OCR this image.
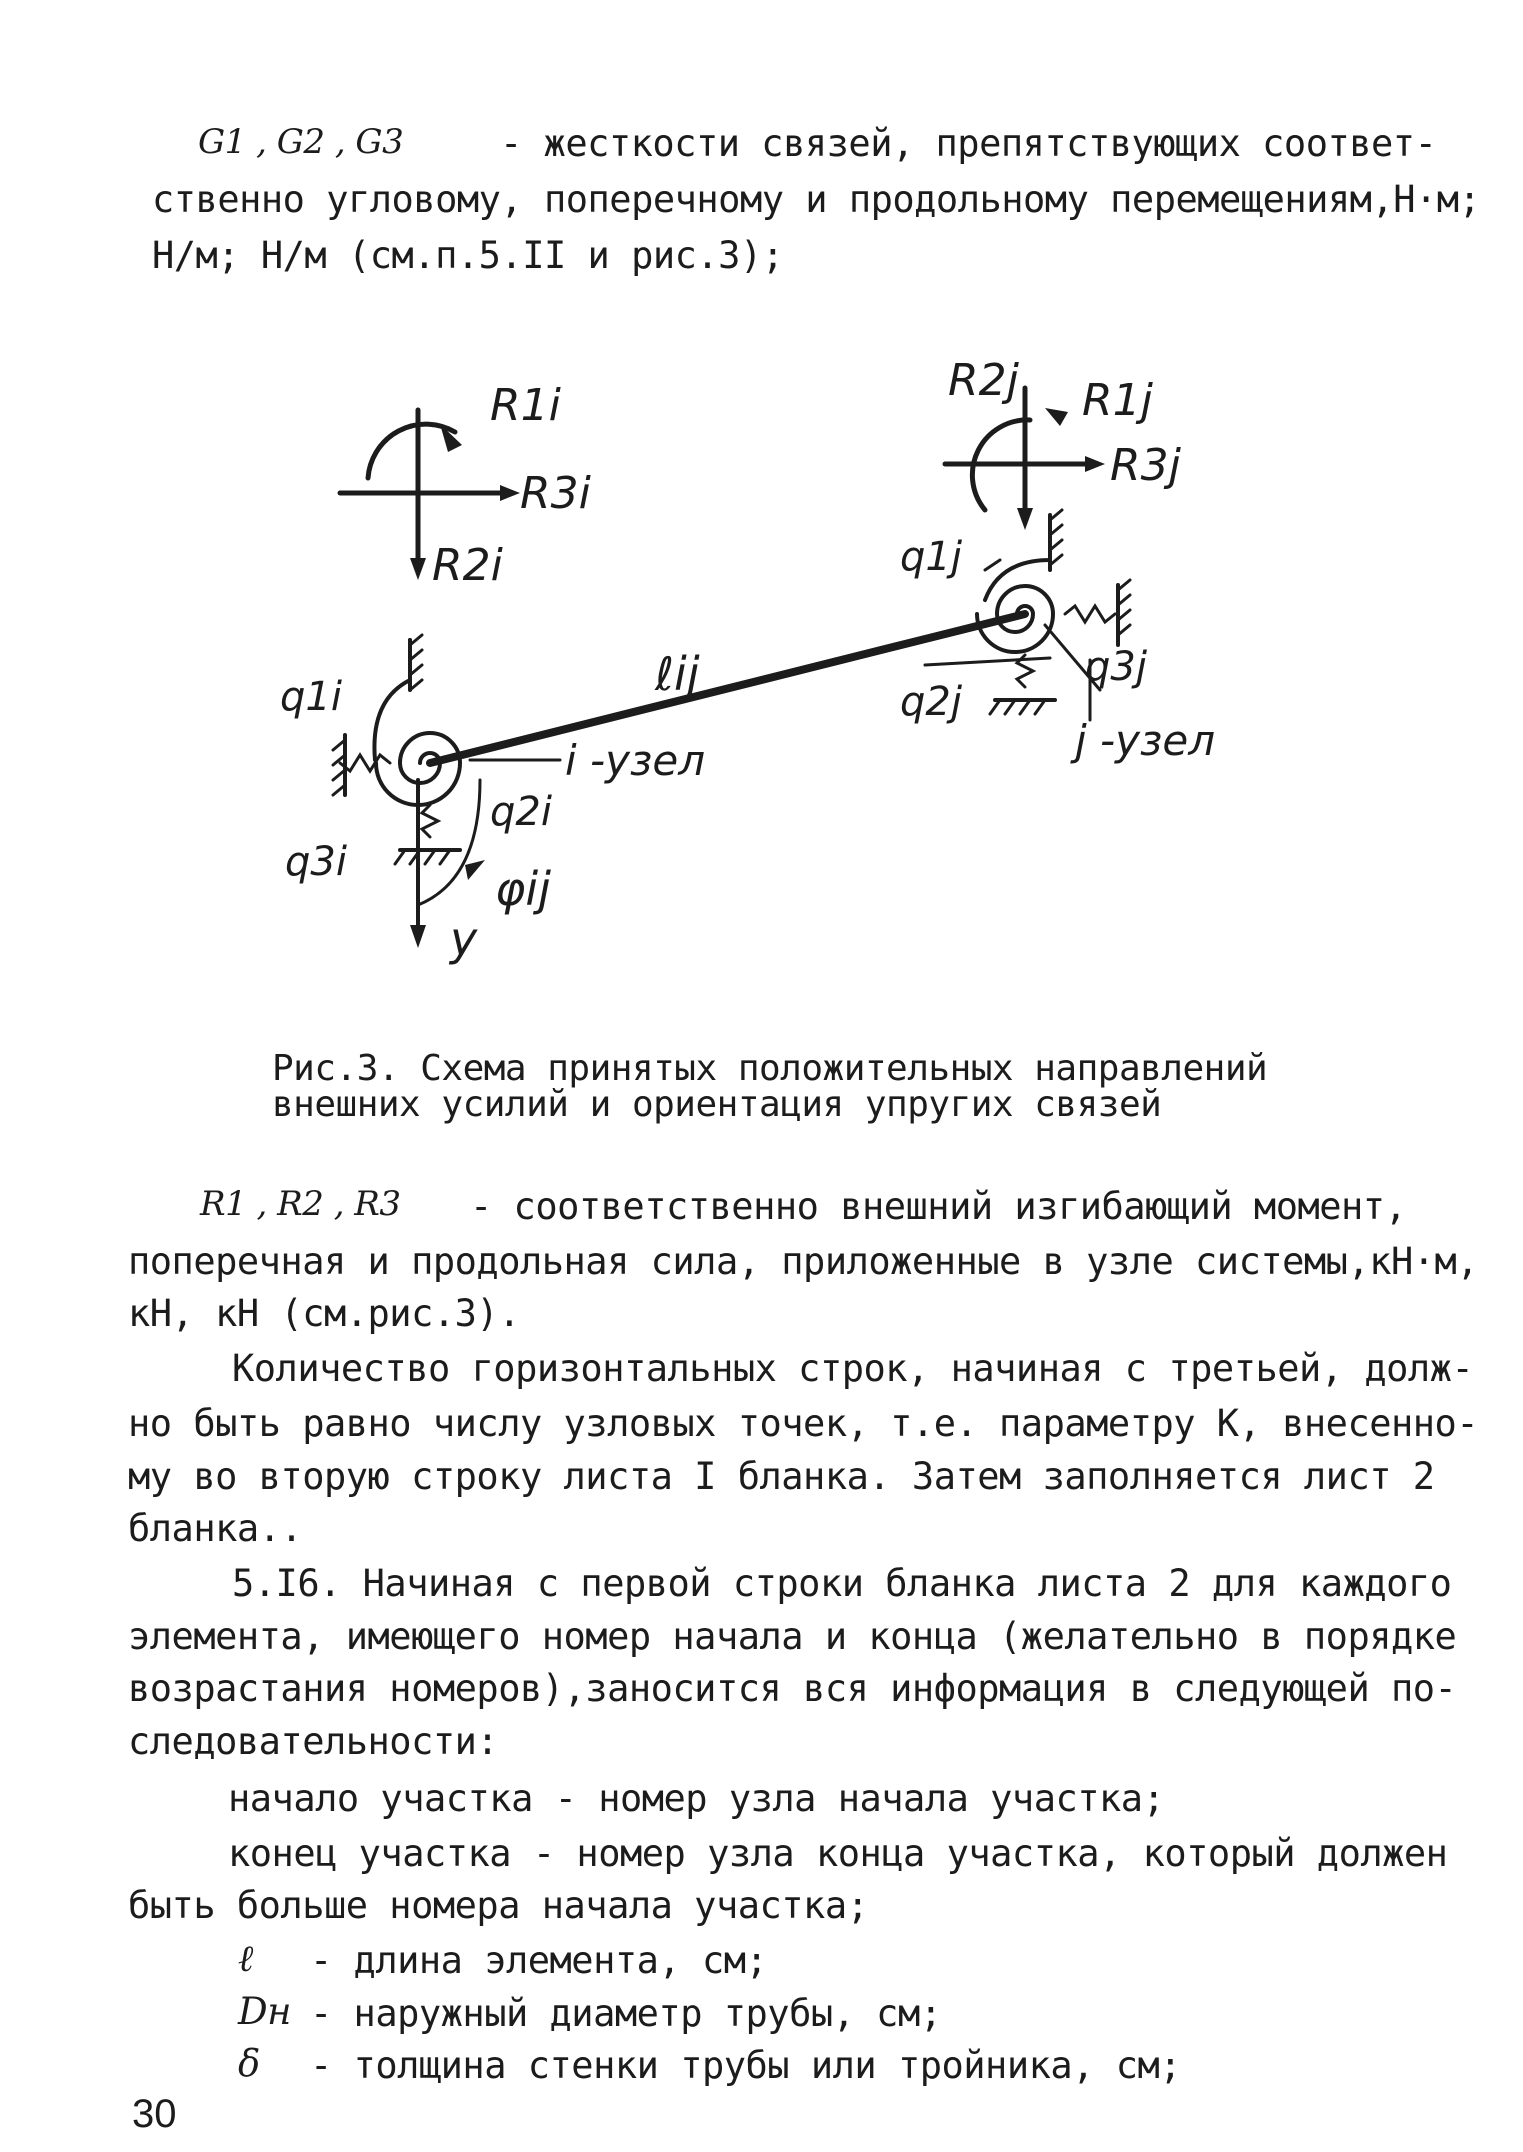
G1 , G2 , G3	- жесткости связей, препятствующих соответ-
ственно угловому, поперечному и продольному перемещениям,Н·м;
Н/м; Н/м (см.п.5.II и рис.3);
R1i
R3i
R2i
R1j
R2j
R3j
q1j
q2j
q3j
q1i
q2i
q3i
ℓij
φij
y
i -узел	j -узел
Рис.3. Схема принятых положительных направлений
внешних усилий и ориентация упругих связей
R1 , R2 , R3 - соответственно внешний изгибающий момент,
поперечная и продольная сила, приложенные в узле системы,кН·м,
кН, кН (см.рис.3).
Количество горизонтальных строк, начиная с третьей, долж-
но быть равно числу узловых точек, т.е. параметру К, внесенно-
му во вторую строку листа I бланка. Затем заполняется лист 2
бланка..
5.I6. Начиная с первой строки бланка листа 2 для каждого
элемента, имеющего номер начала и конца (желательно в порядке
возрастания номеров),заносится вся информация в следующей по-
следовательности:
начало участка - номер узла начала участка;
конец участка - номер узла конца участка, который должен
быть больше номера начала участка;
ℓ - длина элемента, см;
Dн - наружный диаметр трубы, см;
δ - толщина стенки трубы или тройника, см;
30
